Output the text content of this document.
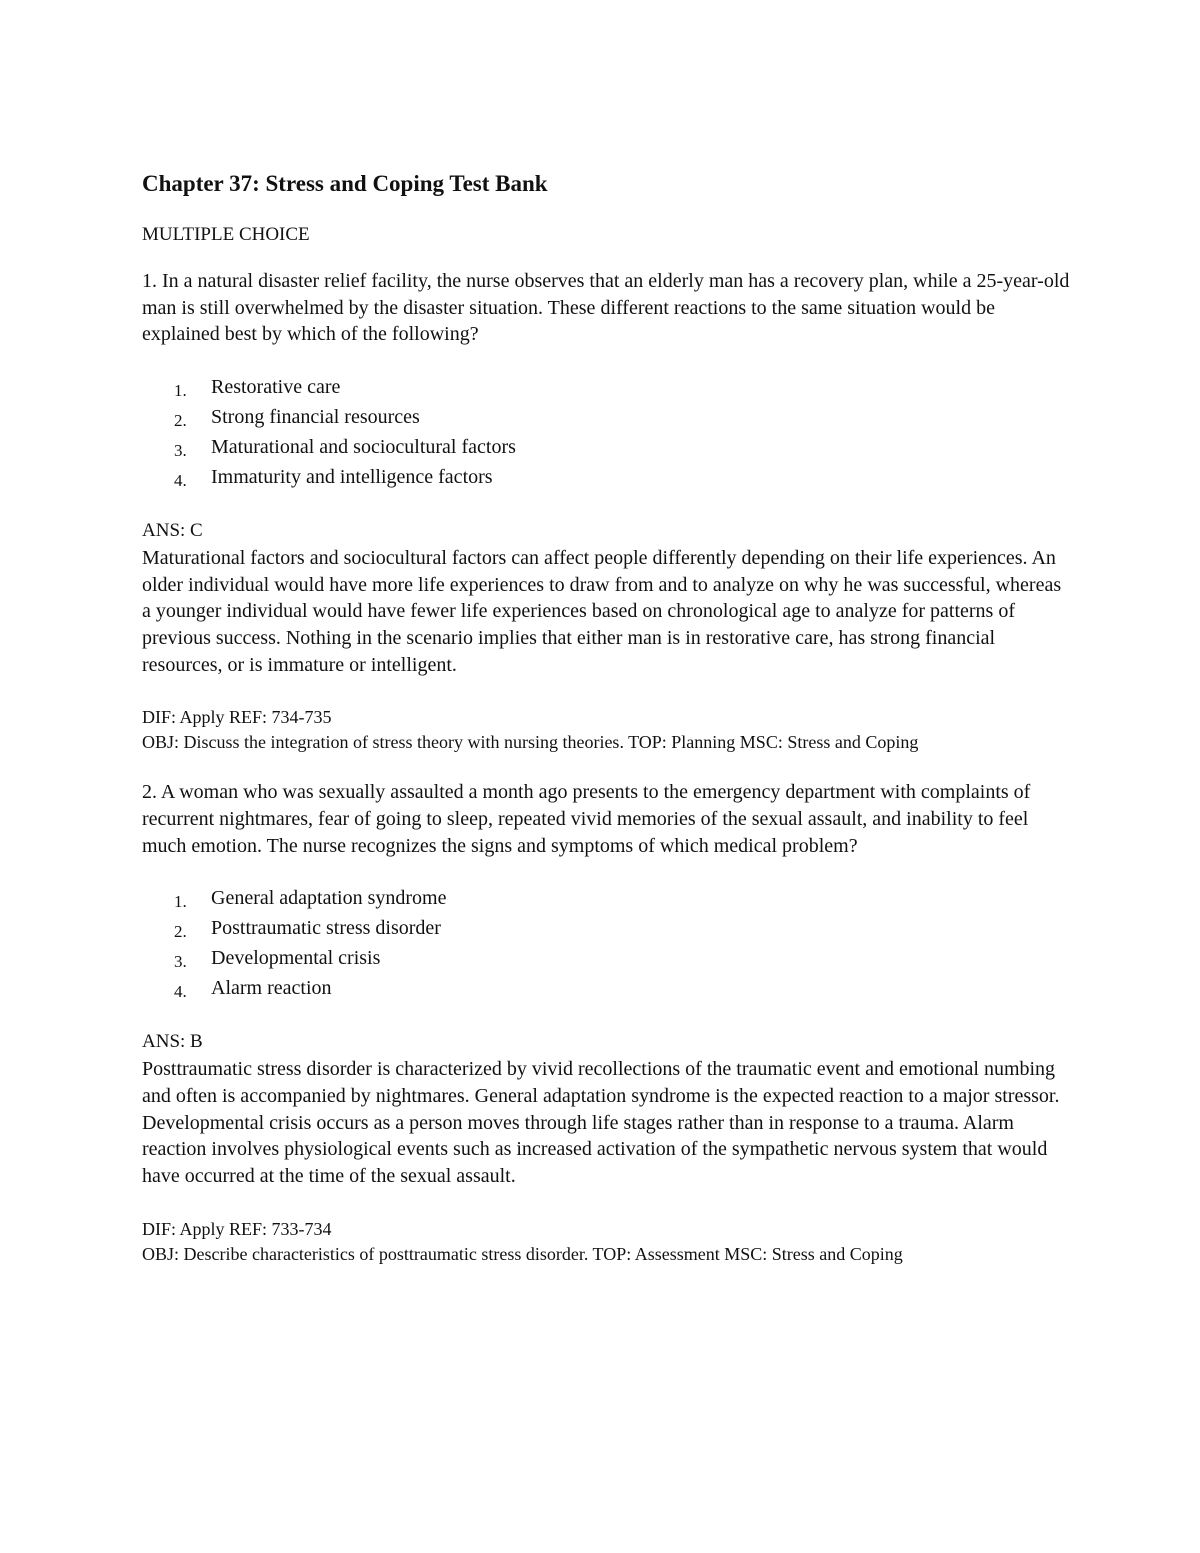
Chapter 37: Stress and Coping Test Bank
MULTIPLE CHOICE
1. In a natural disaster relief facility, the nurse observes that an elderly man has a recovery plan, while a 25-year-old man is still overwhelmed by the disaster situation. These different reactions to the same situation would be explained best by which of the following?
1. Restorative care
2. Strong financial resources
3. Maturational and sociocultural factors
4. Immaturity and intelligence factors
ANS: C
Maturational factors and sociocultural factors can affect people differently depending on their life experiences. An older individual would have more life experiences to draw from and to analyze on why he was successful, whereas a younger individual would have fewer life experiences based on chronological age to analyze for patterns of previous success. Nothing in the scenario implies that either man is in restorative care, has strong financial resources, or is immature or intelligent.
DIF: Apply REF: 734-735
OBJ: Discuss the integration of stress theory with nursing theories. TOP: Planning MSC: Stress and Coping
2. A woman who was sexually assaulted a month ago presents to the emergency department with complaints of recurrent nightmares, fear of going to sleep, repeated vivid memories of the sexual assault, and inability to feel much emotion. The nurse recognizes the signs and symptoms of which medical problem?
1. General adaptation syndrome
2. Posttraumatic stress disorder
3. Developmental crisis
4. Alarm reaction
ANS: B
Posttraumatic stress disorder is characterized by vivid recollections of the traumatic event and emotional numbing and often is accompanied by nightmares. General adaptation syndrome is the expected reaction to a major stressor. Developmental crisis occurs as a person moves through life stages rather than in response to a trauma. Alarm reaction involves physiological events such as increased activation of the sympathetic nervous system that would have occurred at the time of the sexual assault.
DIF: Apply REF: 733-734
OBJ: Describe characteristics of posttraumatic stress disorder. TOP: Assessment MSC: Stress and Coping
